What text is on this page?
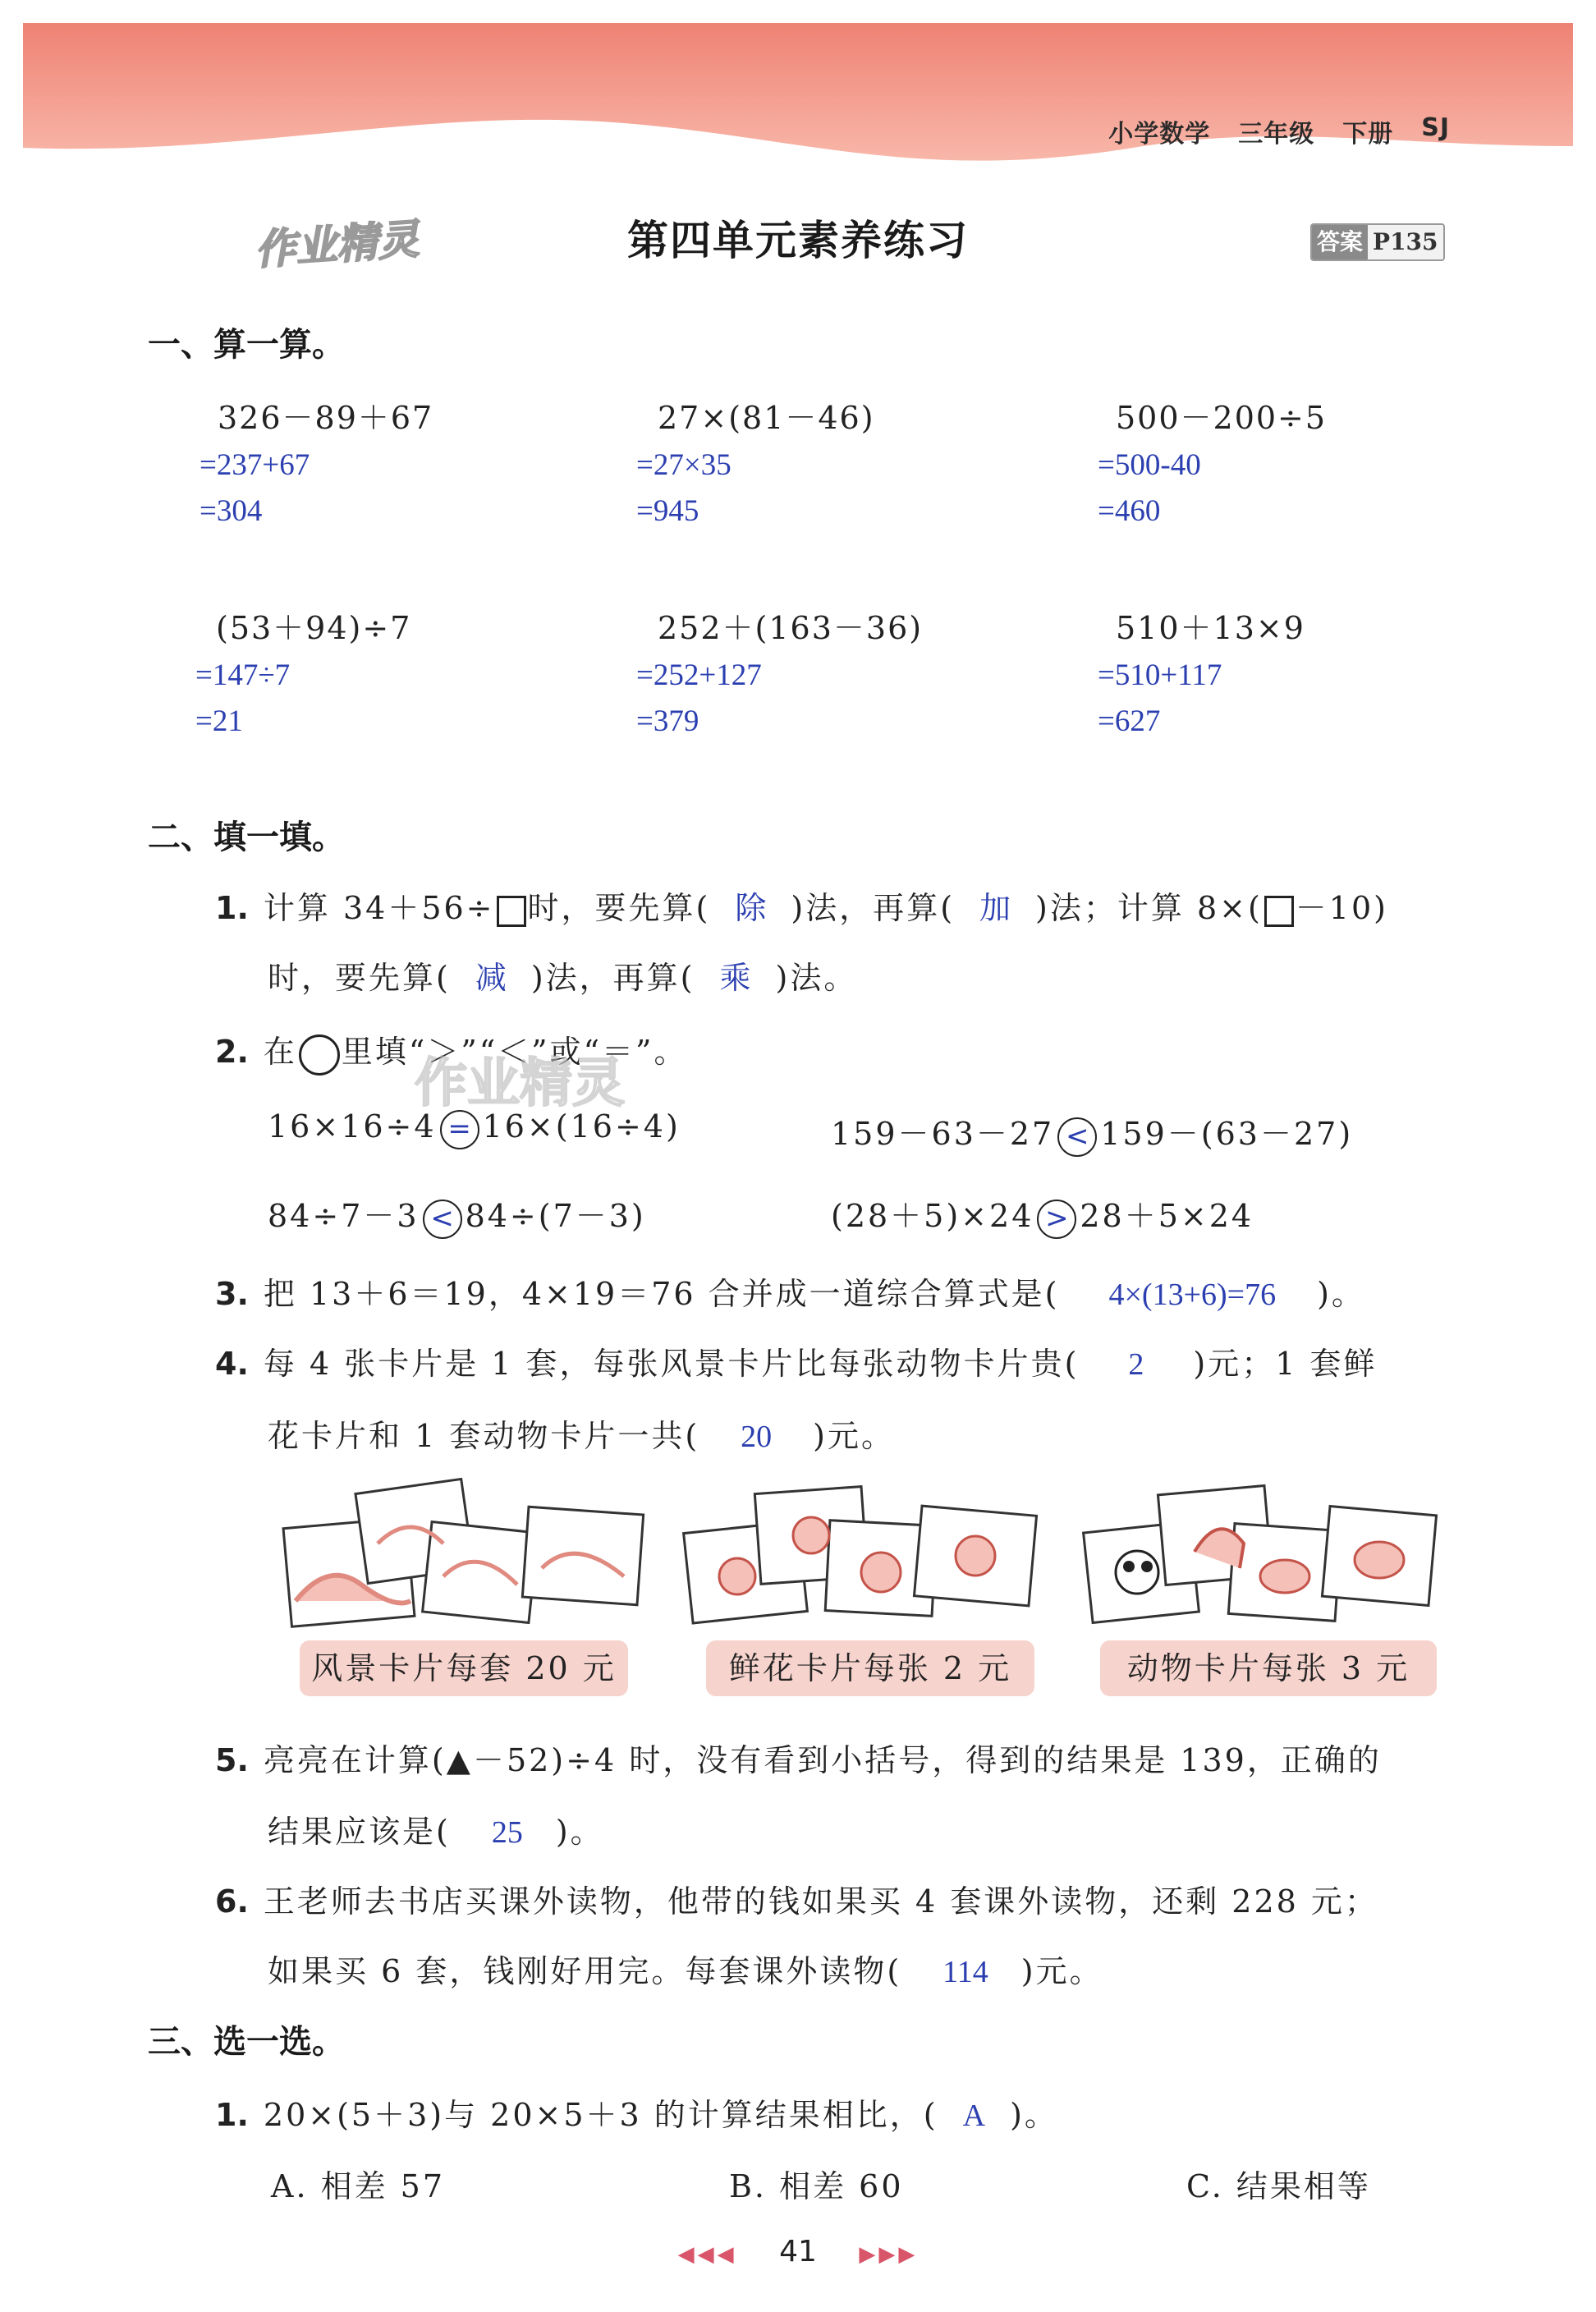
小学数学 三年级 下册 SJ
作业精灵	第四单元素养练习	答案 P135
一、算一算。
326－89＋67
=237+67
=304
27×(81－46)
=27×35
=945
500－200÷5
=500-40
=460
(53＋94)÷7
=147÷7
=21
252＋(163－36)
=252+127
=379
510＋13×9
=510+117
=627
二、填一填。
1. 计算 34＋56÷ 时，要先算( 除 )法，再算( 加 )法；计算 8×( －10)
时，要先算( 减 )法，再算( 乘 )法。
2. 在 里填“＞”“＜”或“＝”。
作业精灵
16×16÷4 = 16×(16÷4)	159－63－27 < 159－(63－27)
84÷7－3 < 84÷(7－3)	(28＋5)×24 > 28＋5×24
3. 把 13＋6＝19，4×19＝76 合并成一道综合算式是( 4×(13+6)=76 )。
4. 每 4 张卡片是 1 套，每张风景卡片比每张动物卡片贵( 2 )元；1 套鲜
花卡片和 1 套动物卡片一共( 20 )元。
风景卡片每套 20 元	鲜花卡片每张 2 元	动物卡片每张 3 元
5. 亮亮在计算(▲－52)÷4 时，没有看到小括号，得到的结果是 139，正确的
结果应该是( 25 )。
6. 王老师去书店买课外读物，他带的钱如果买 4 套课外读物，还剩 228 元；
如果买 6 套，钱刚好用完。每套课外读物( 114 )元。
三、选一选。
1. 20×(5＋3)与 20×5＋3 的计算结果相比，( A )。
A. 相差 57	B. 相差 60	C. 结果相等
◀◀◀ 41 ▶▶▶
